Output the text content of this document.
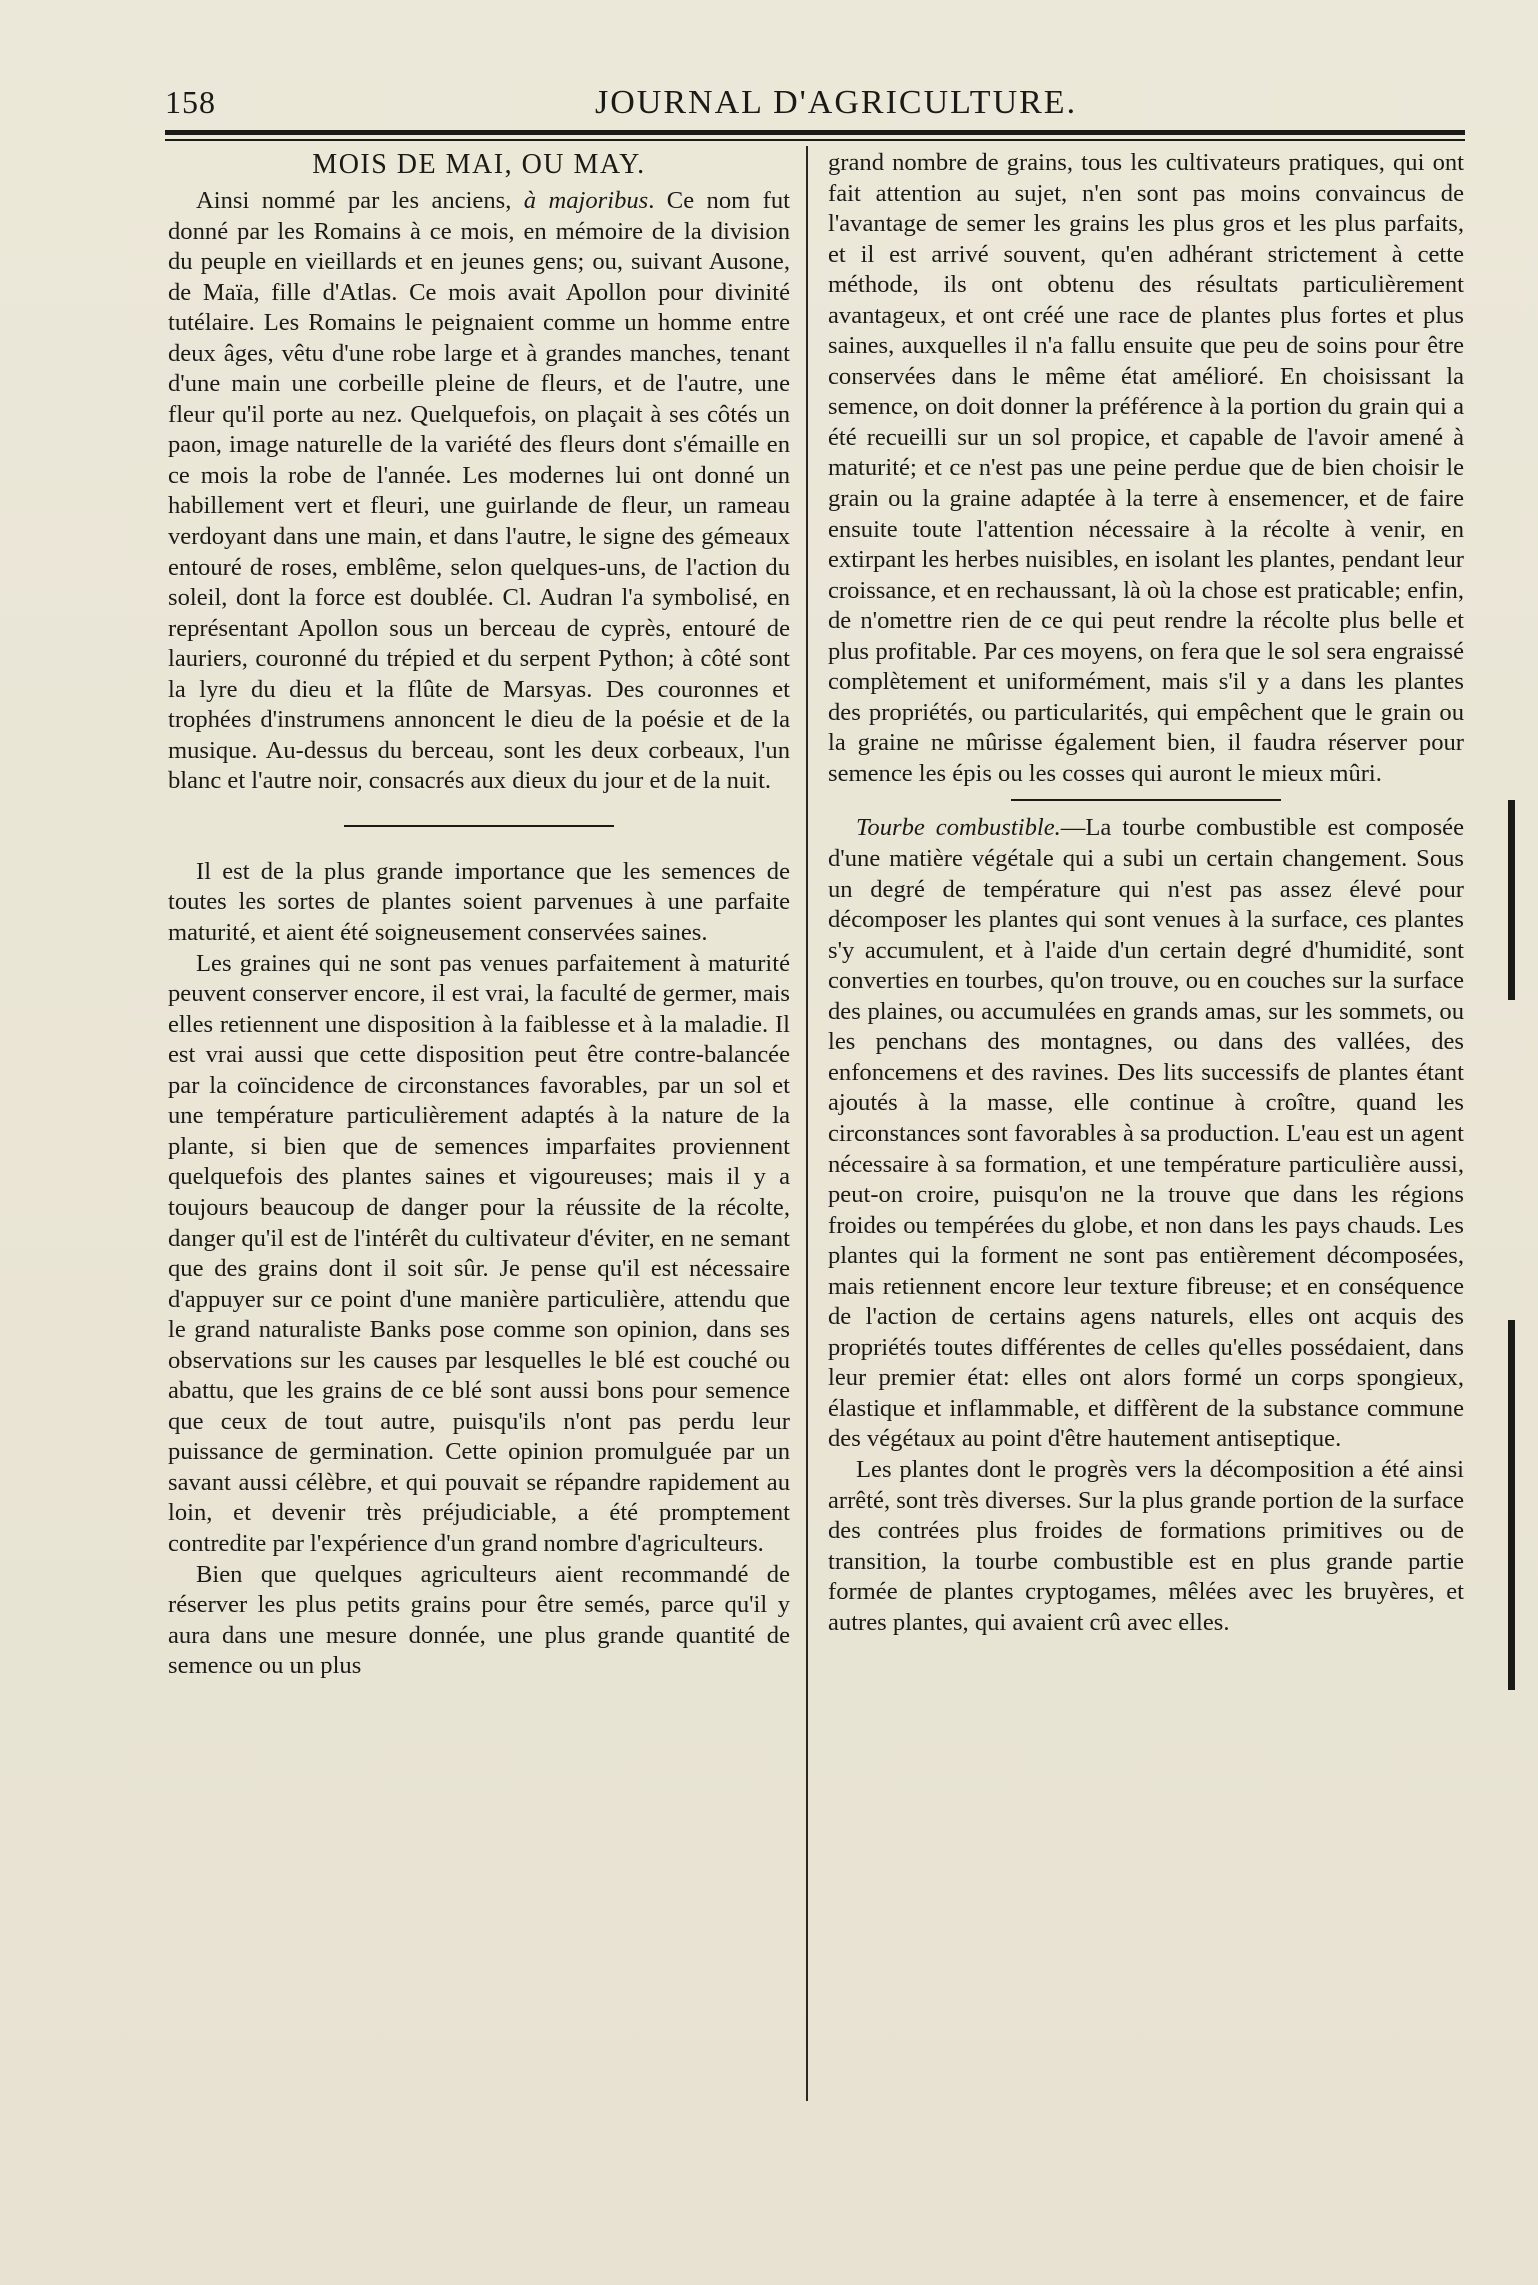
158	JOURNAL D'AGRICULTURE.
MOIS DE MAI, OU MAY.

Ainsi nommé par les anciens, à majoribus. Ce nom fut donné par les Romains à ce mois, en mémoire de la division du peuple en vieillards et en jeunes gens; ou, suivant Ausone, de Maïa, fille d'Atlas. Ce mois avait Apollon pour divinité tutélaire. Les Romains le peignaient comme un homme entre deux âges, vêtu d'une robe large et à grandes manches, tenant d'une main une corbeille pleine de fleurs, et de l'autre, une fleur qu'il porte au nez. Quelquefois, on plaçait à ses côtés un paon, image naturelle de la variété des fleurs dont s'émaille en ce mois la robe de l'année. Les modernes lui ont donné un habillement vert et fleuri, une guirlande de fleur, un rameau verdoyant dans une main, et dans l'autre, le signe des gémeaux entouré de roses, emblême, selon quelques-uns, de l'action du soleil, dont la force est doublée. Cl. Audran l'a symbolisé, en représentant Apollon sous un berceau de cyprès, entouré de lauriers, couronné du trépied et du serpent Python; à côté sont la lyre du dieu et la flûte de Marsyas. Des couronnes et trophées d'instrumens annoncent le dieu de la poésie et de la musique. Au-dessus du berceau, sont les deux corbeaux, l'un blanc et l'autre noir, consacrés aux dieux du jour et de la nuit.

Il est de la plus grande importance que les semences de toutes les sortes de plantes soient parvenues à une parfaite maturité, et aient été soigneusement conservées saines.

Les graines qui ne sont pas venues parfaitement à maturité peuvent conserver encore, il est vrai, la faculté de germer, mais elles retiennent une disposition à la faiblesse et à la maladie. Il est vrai aussi que cette disposition peut être contre-balancée par la coïncidence de circonstances favorables, par un sol et une température particulièrement adaptés à la nature de la plante, si bien que de semences imparfaites proviennent quelquefois des plantes saines et vigoureuses; mais il y a toujours beaucoup de danger pour la réussite de la récolte, danger qu'il est de l'intérêt du cultivateur d'éviter, en ne semant que des grains dont il soit sûr. Je pense qu'il est nécessaire d'appuyer sur ce point d'une manière particulière, attendu que le grand naturaliste Banks pose comme son opinion, dans ses observations sur les causes par lesquelles le blé est couché ou abattu, que les grains de ce blé sont aussi bons pour semence que ceux de tout autre, puisqu'ils n'ont pas perdu leur puissance de germination. Cette opinion promulguée par un savant aussi célèbre, et qui pouvait se répandre rapidement au loin, et devenir très préjudiciable, a été promptement contredite par l'expérience d'un grand nombre d'agriculteurs.

Bien que quelques agriculteurs aient recommandé de réserver les plus petits grains pour être semés, parce qu'il y aura dans une mesure donnée, une plus grande quantité de semence ou un plus

grand nombre de grains, tous les cultivateurs pratiques, qui ont fait attention au sujet, n'en sont pas moins convaincus de l'avantage de semer les grains les plus gros et les plus parfaits, et il est arrivé souvent, qu'en adhérant strictement à cette méthode, ils ont obtenu des résultats particulièrement avantageux, et ont créé une race de plantes plus fortes et plus saines, auxquelles il n'a fallu ensuite que peu de soins pour être conservées dans le même état amélioré. En choisissant la semence, on doit donner la préférence à la portion du grain qui a été recueilli sur un sol propice, et capable de l'avoir amené à maturité; et ce n'est pas une peine perdue que de bien choisir le grain ou la graine adaptée à la terre à ensemencer, et de faire ensuite toute l'attention nécessaire à la récolte à venir, en extirpant les herbes nuisibles, en isolant les plantes, pendant leur croissance, et en rechaussant, là où la chose est praticable; enfin, de n'omettre rien de ce qui peut rendre la récolte plus belle et plus profitable. Par ces moyens, on fera que le sol sera engraissé complètement et uniformément, mais s'il y a dans les plantes des propriétés, ou particularités, qui empêchent que le grain ou la graine ne mûrisse également bien, il faudra réserver pour semence les épis ou les cosses qui auront le mieux mûri.

Tourbe combustible.—La tourbe combustible est composée d'une matière végétale qui a subi un certain changement. Sous un degré de température qui n'est pas assez élevé pour décomposer les plantes qui sont venues à la surface, ces plantes s'y accumulent, et à l'aide d'un certain degré d'humidité, sont converties en tourbes, qu'on trouve, ou en couches sur la surface des plaines, ou accumulées en grands amas, sur les sommets, ou les penchans des montagnes, ou dans des vallées, des enfoncemens et des ravines. Des lits successifs de plantes étant ajoutés à la masse, elle continue à croître, quand les circonstances sont favorables à sa production. L'eau est un agent nécessaire à sa formation, et une température particulière aussi, peut-on croire, puisqu'on ne la trouve que dans les régions froides ou tempérées du globe, et non dans les pays chauds. Les plantes qui la forment ne sont pas entièrement décomposées, mais retiennent encore leur texture fibreuse; et en conséquence de l'action de certains agens naturels, elles ont acquis des propriétés toutes différentes de celles qu'elles possédaient, dans leur premier état: elles ont alors formé un corps spongieux, élastique et inflammable, et diffèrent de la substance commune des végétaux au point d'être hautement antiseptique.

Les plantes dont le progrès vers la décomposition a été ainsi arrêté, sont très diverses. Sur la plus grande portion de la surface des contrées plus froides de formations primitives ou de transition, la tourbe combustible est en plus grande partie formée de plantes cryptogames, mêlées avec les bruyères, et autres plantes, qui avaient crû avec elles.
